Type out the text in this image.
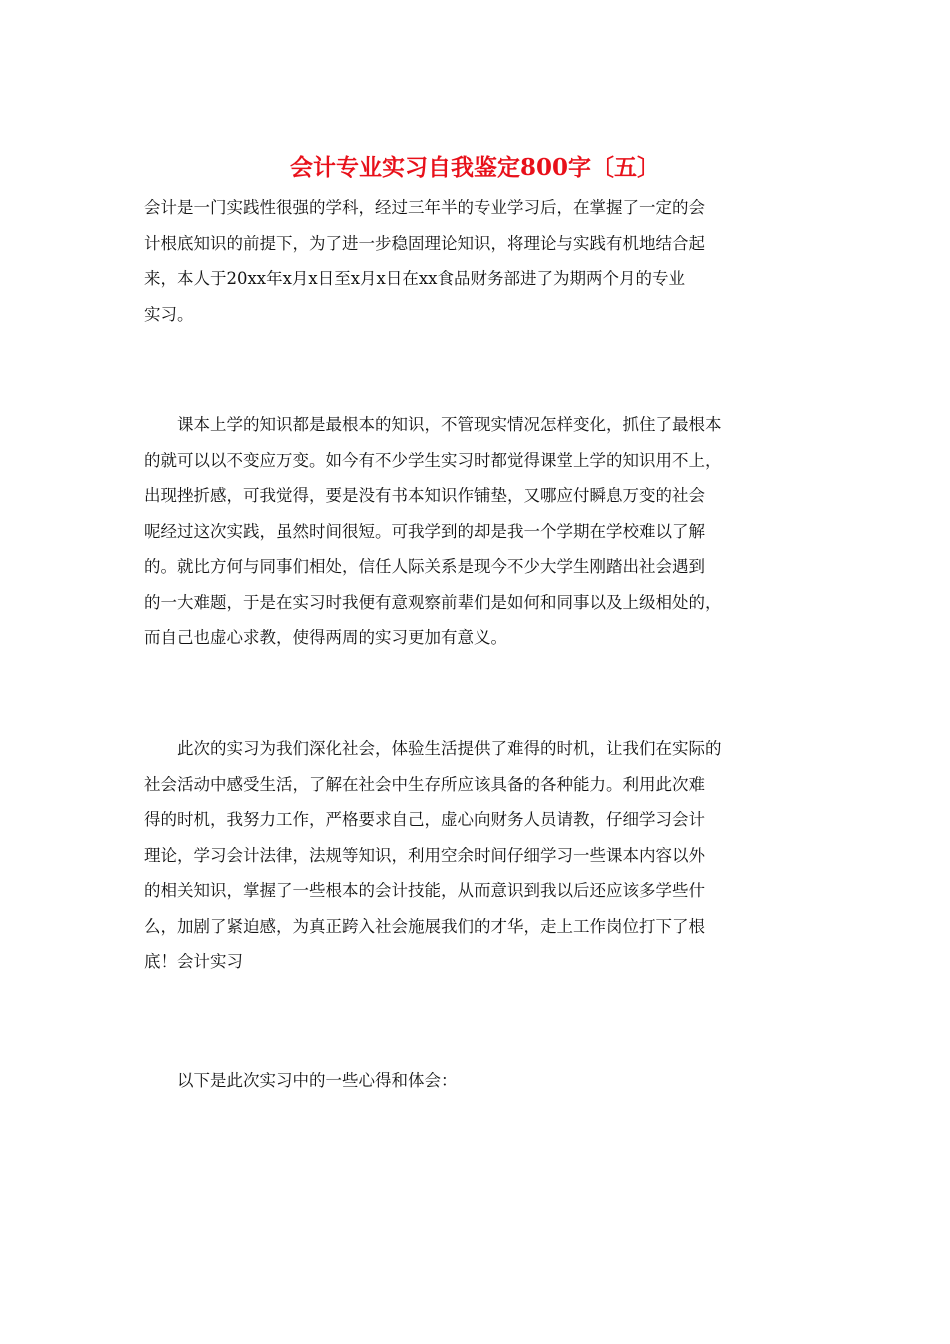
会计专业实习自我鉴定800字〔五〕
会计是一门实践性很强的学科，经过三年半的专业学习后，在掌握了一定的会
计根底知识的前提下，为了进一步稳固理论知识，将理论与实践有机地结合起
来，本人于20xx年x月x日至x月x日在xx食品财务部进了为期两个月的专业
实习。
课本上学的知识都是最根本的知识，不管现实情况怎样变化，抓住了最根本
的就可以以不变应万变。如今有不少学生实习时都觉得课堂上学的知识用不上，
出现挫折感，可我觉得，要是没有书本知识作铺垫，又哪应付瞬息万变的社会
呢经过这次实践，虽然时间很短。可我学到的却是我一个学期在学校难以了解
的。就比方何与同事们相处，信任人际关系是现今不少大学生刚踏出社会遇到
的一大难题，于是在实习时我便有意观察前辈们是如何和同事以及上级相处的，
而自己也虚心求教，使得两周的实习更加有意义。
此次的实习为我们深化社会，体验生活提供了难得的时机，让我们在实际的
社会活动中感受生活，了解在社会中生存所应该具备的各种能力。利用此次难
得的时机，我努力工作，严格要求自己，虚心向财务人员请教，仔细学习会计
理论，学习会计法律，法规等知识，利用空余时间仔细学习一些课本内容以外
的相关知识，掌握了一些根本的会计技能，从而意识到我以后还应该多学些什
么，加剧了紧迫感，为真正跨入社会施展我们的才华，走上工作岗位打下了根
底！会计实习
以下是此次实习中的一些心得和体会：
